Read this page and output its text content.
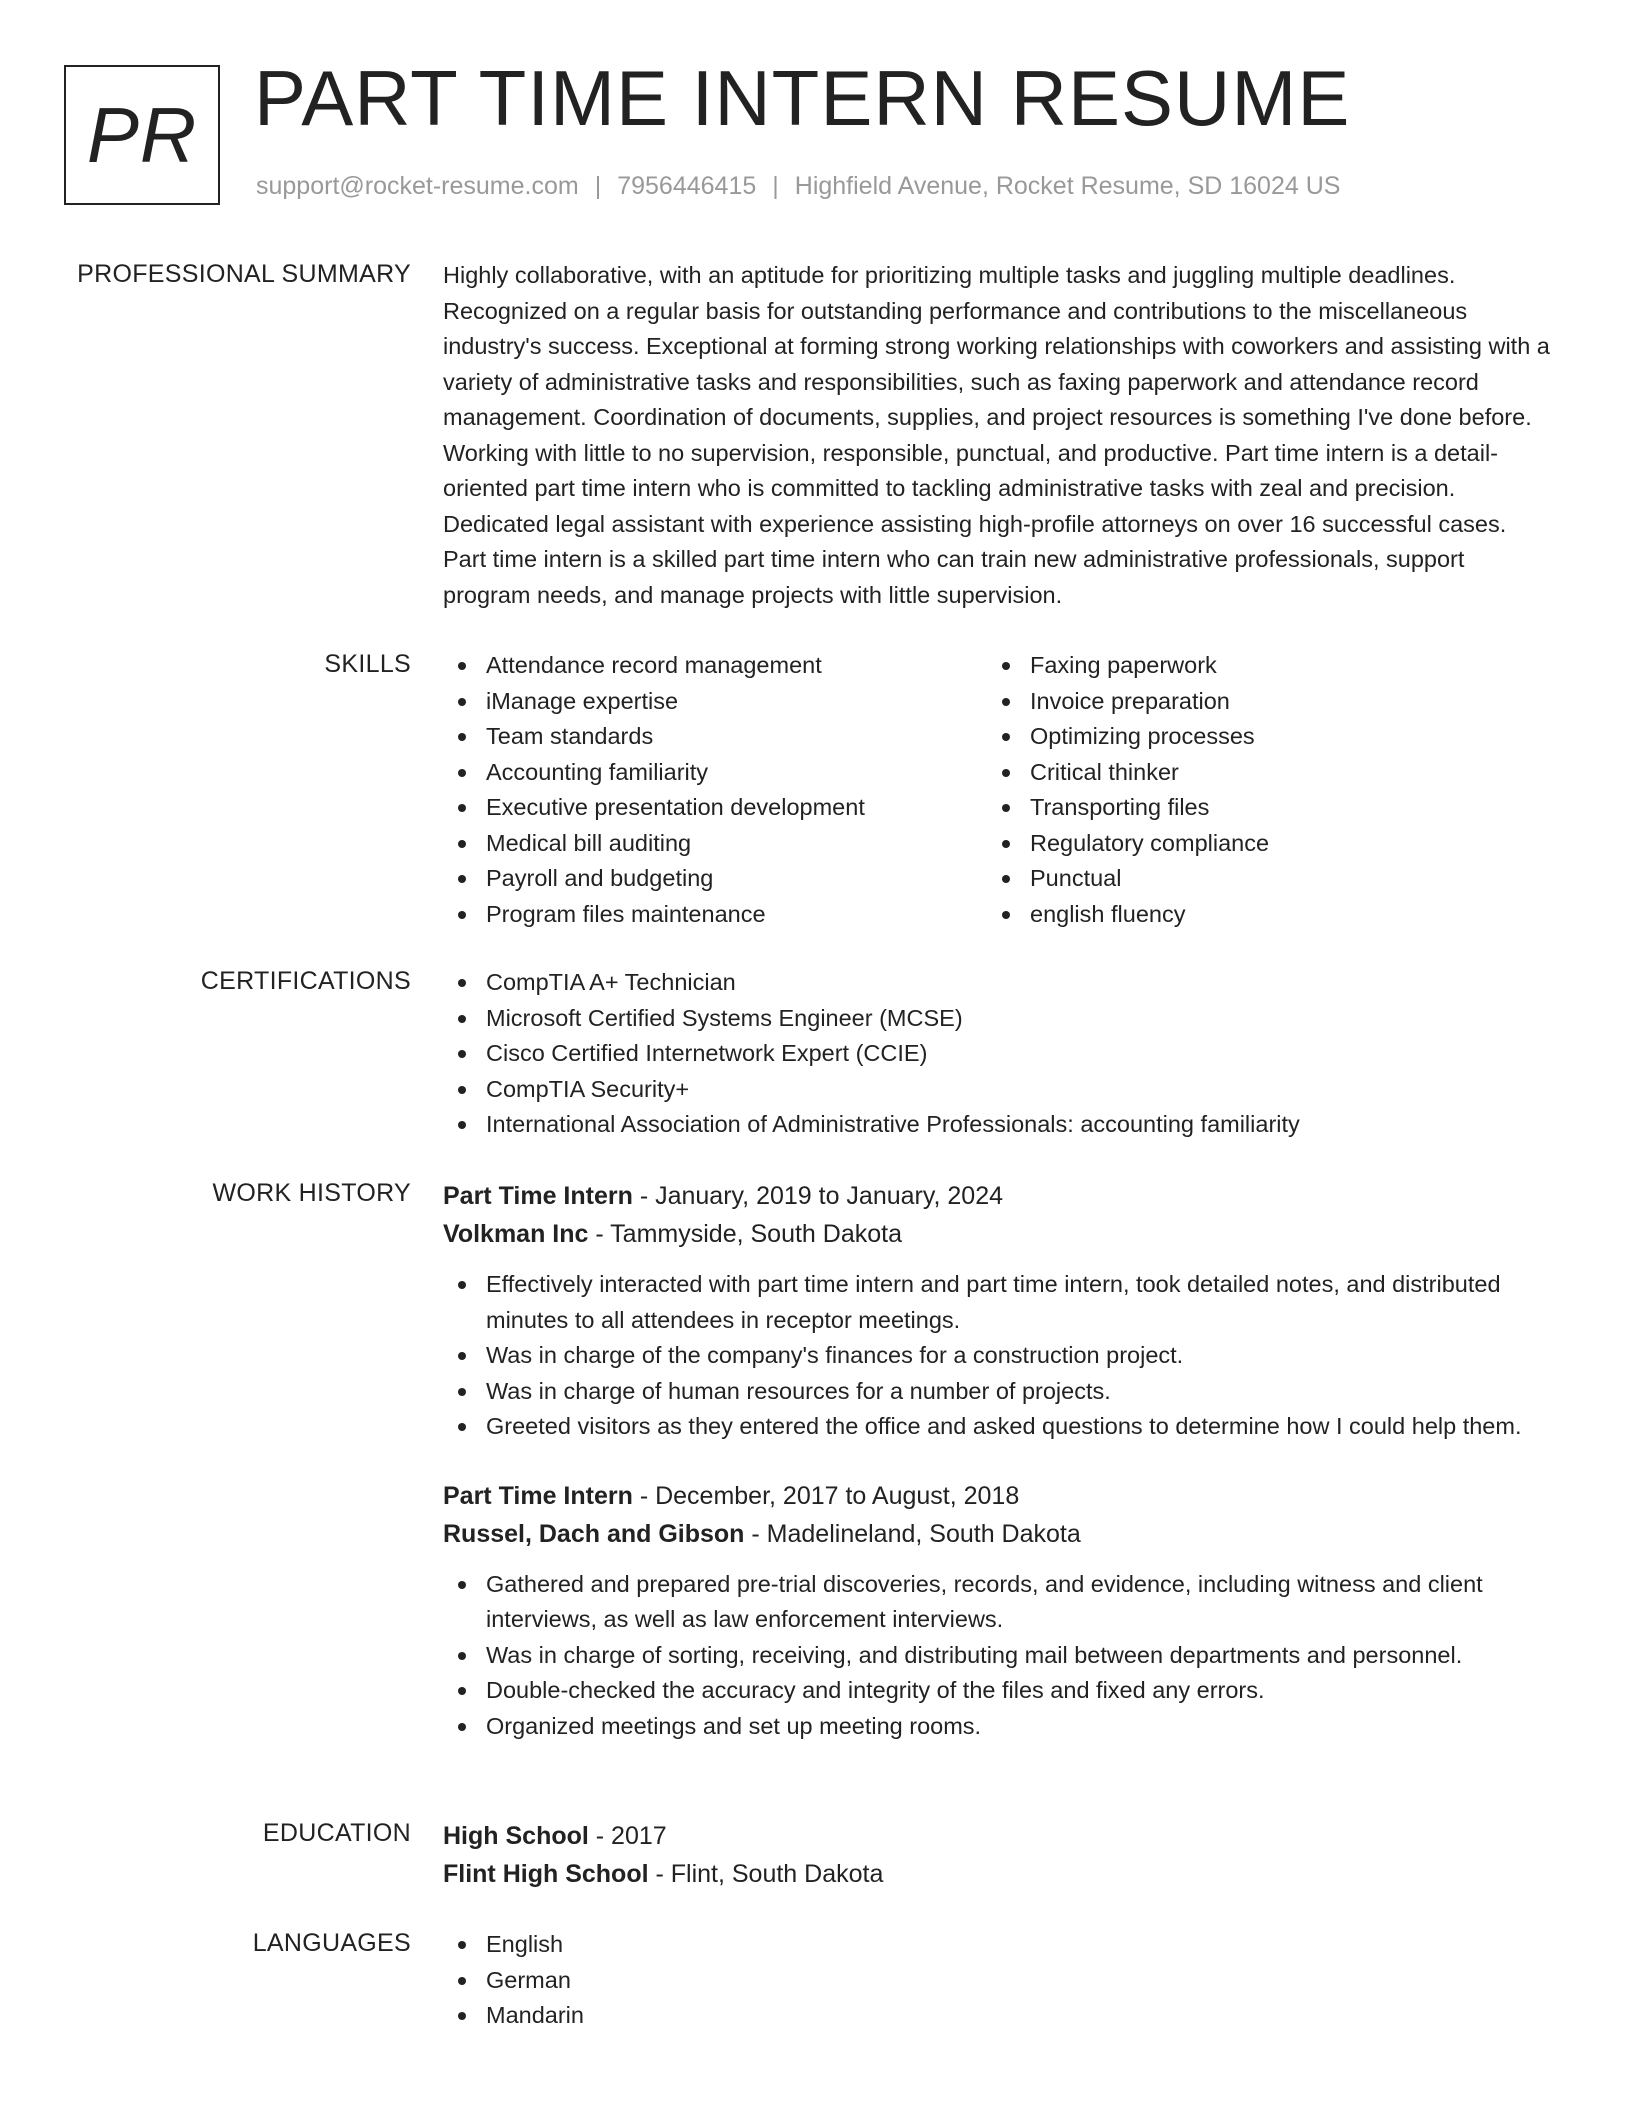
PR PART TIME INTERN RESUME
support@rocket-resume.com | 7956446415 | Highfield Avenue, Rocket Resume, SD 16024 US
PROFESSIONAL SUMMARY Highly collaborative, with an aptitude for prioritizing multiple tasks and juggling multiple deadlines. Recognized on a regular basis for outstanding performance and contributions to the miscellaneous industry's success. Exceptional at forming strong working relationships with coworkers and assisting with a variety of administrative tasks and responsibilities, such as faxing paperwork and attendance record management. Coordination of documents, supplies, and project resources is something I've done before. Working with little to no supervision, responsible, punctual, and productive. Part time intern is a detail-oriented part time intern who is committed to tackling administrative tasks with zeal and precision. Dedicated legal assistant with experience assisting high-profile attorneys on over 16 successful cases. Part time intern is a skilled part time intern who can train new administrative professionals, support program needs, and manage projects with little supervision.
SKILLS	Attendance record management
iManage expertise
Team standards
Accounting familiarity
Executive presentation development
Medical bill auditing
Payroll and budgeting
Program files maintenance
Faxing paperwork
Invoice preparation
Optimizing processes
Critical thinker
Transporting files
Regulatory compliance
Punctual
english fluency
CERTIFICATIONS	CompTIA A+ Technician
Microsoft Certified Systems Engineer (MCSE)
Cisco Certified Internetwork Expert (CCIE)
CompTIA Security+
International Association of Administrative Professionals: accounting familiarity
WORK HISTORY Part Time Intern - January, 2019 to January, 2024
Volkman Inc - Tammyside, South Dakota
Effectively interacted with part time intern and part time intern, took detailed notes, and distributed minutes to all attendees in receptor meetings.
Was in charge of the company's finances for a construction project.
Was in charge of human resources for a number of projects.
Greeted visitors as they entered the office and asked questions to determine how I could help them.
Part Time Intern - December, 2017 to August, 2018
Russel, Dach and Gibson - Madelineland, South Dakota
Gathered and prepared pre-trial discoveries, records, and evidence, including witness and client interviews, as well as law enforcement interviews.
Was in charge of sorting, receiving, and distributing mail between departments and personnel.
Double-checked the accuracy and integrity of the files and fixed any errors.
Organized meetings and set up meeting rooms.
EDUCATION High School - 2017
Flint High School - Flint, South Dakota
LANGUAGES	English
German
Mandarin
